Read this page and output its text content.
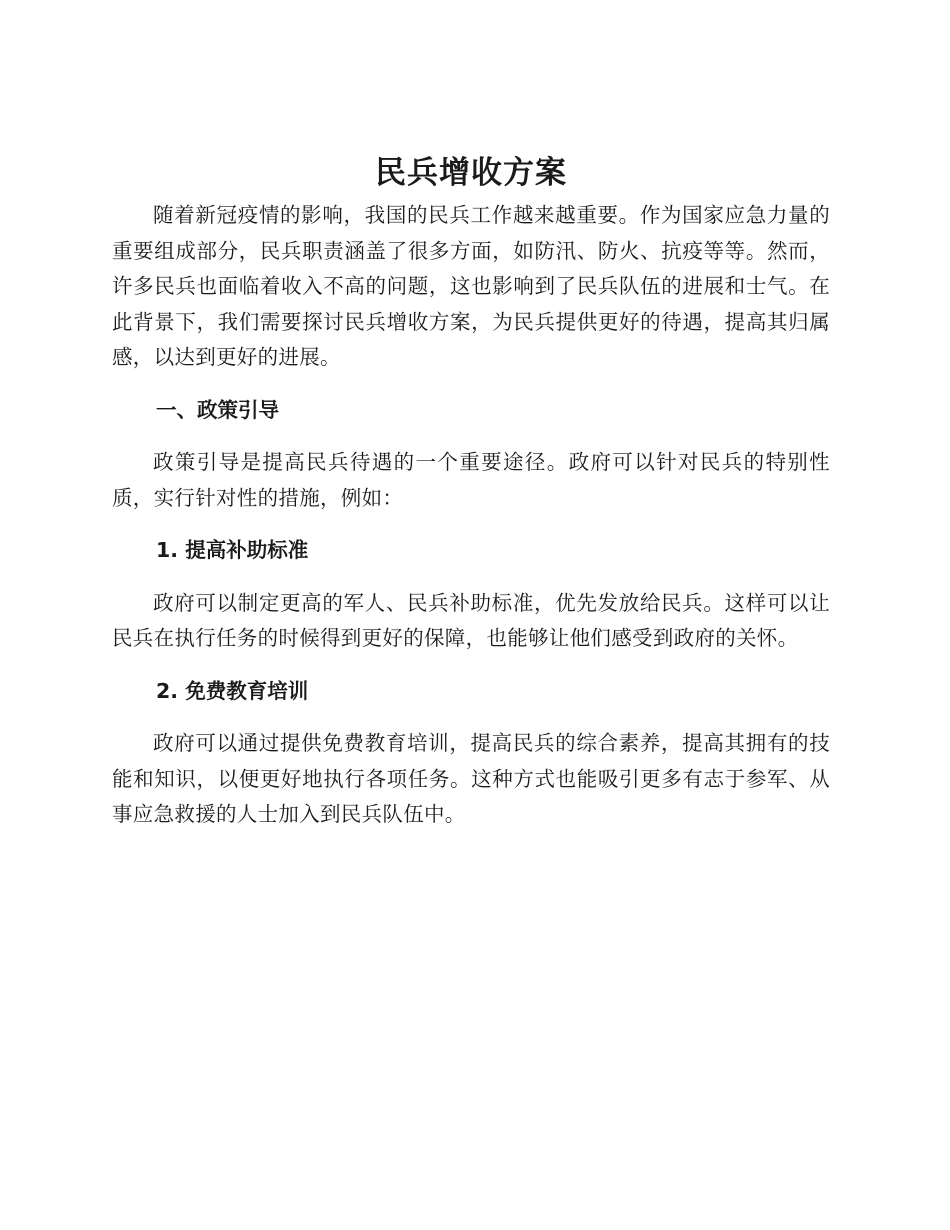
民兵增收方案

随着新冠疫情的影响，我国的民兵工作越来越重要。作为国家应急力量的重要组成部分，民兵职责涵盖了很多方面，如防汛、防火、抗疫等等。然而，许多民兵也面临着收入不高的问题，这也影响到了民兵队伍的进展和士气。在此背景下，我们需要探讨民兵增收方案，为民兵提供更好的待遇，提高其归属感，以达到更好的进展。

一、政策引导

政策引导是提高民兵待遇的一个重要途径。政府可以针对民兵的特别性质，实行针对性的措施，例如：

1. 提高补助标准

政府可以制定更高的军人、民兵补助标准，优先发放给民兵。这样可以让民兵在执行任务的时候得到更好的保障，也能够让他们感受到政府的关怀。

2. 免费教育培训

政府可以通过提供免费教育培训，提高民兵的综合素养，提高其拥有的技能和知识，以便更好地执行各项任务。这种方式也能吸引更多有志于参军、从事应急救援的人士加入到民兵队伍中。
